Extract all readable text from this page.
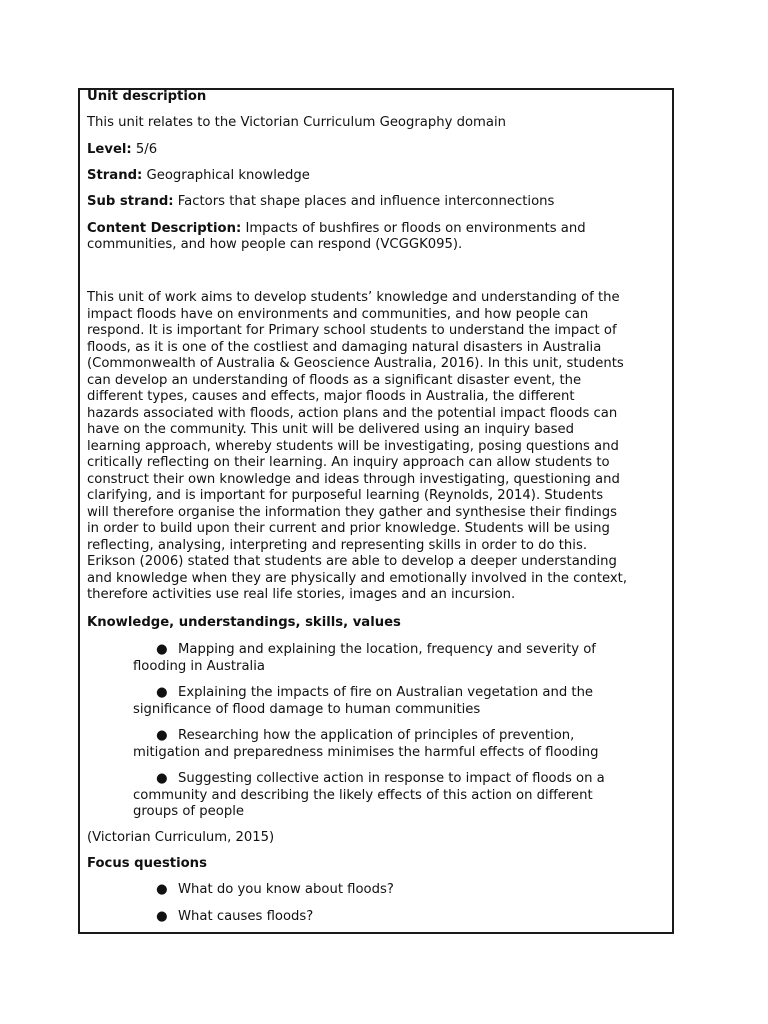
Unit description
This unit relates to the Victorian Curriculum Geography domain
Level: 5/6
Strand: Geographical knowledge
Sub strand: Factors that shape places and influence interconnections
Content Description: Impacts of bushfires or floods on environments and
communities, and how people can respond (VCGGK095).
This unit of work aims to develop students’ knowledge and understanding of the
impact floods have on environments and communities, and how people can
respond. It is important for Primary school students to understand the impact of
floods, as it is one of the costliest and damaging natural disasters in Australia
(Commonwealth of Australia & Geoscience Australia, 2016). In this unit, students
can develop an understanding of floods as a significant disaster event, the
different types, causes and effects, major floods in Australia, the different
hazards associated with floods, action plans and the potential impact floods can
have on the community. This unit will be delivered using an inquiry based
learning approach, whereby students will be investigating, posing questions and
critically reflecting on their learning. An inquiry approach can allow students to
construct their own knowledge and ideas through investigating, questioning and
clarifying, and is important for purposeful learning (Reynolds, 2014). Students
will therefore organise the information they gather and synthesise their findings
in order to build upon their current and prior knowledge. Students will be using
reflecting, analysing, interpreting and representing skills in order to do this.
Erikson (2006) stated that students are able to develop a deeper understanding
and knowledge when they are physically and emotionally involved in the context,
therefore activities use real life stories, images and an incursion.
Knowledge, understandings, skills, values
● Mapping and explaining the location, frequency and severity of
flooding in Australia
● Explaining the impacts of fire on Australian vegetation and the
significance of flood damage to human communities
● Researching how the application of principles of prevention,
mitigation and preparedness minimises the harmful effects of flooding
● Suggesting collective action in response to impact of floods on a
community and describing the likely effects of this action on different
groups of people
(Victorian Curriculum, 2015)
Focus questions
● What do you know about floods?
● What causes floods?
